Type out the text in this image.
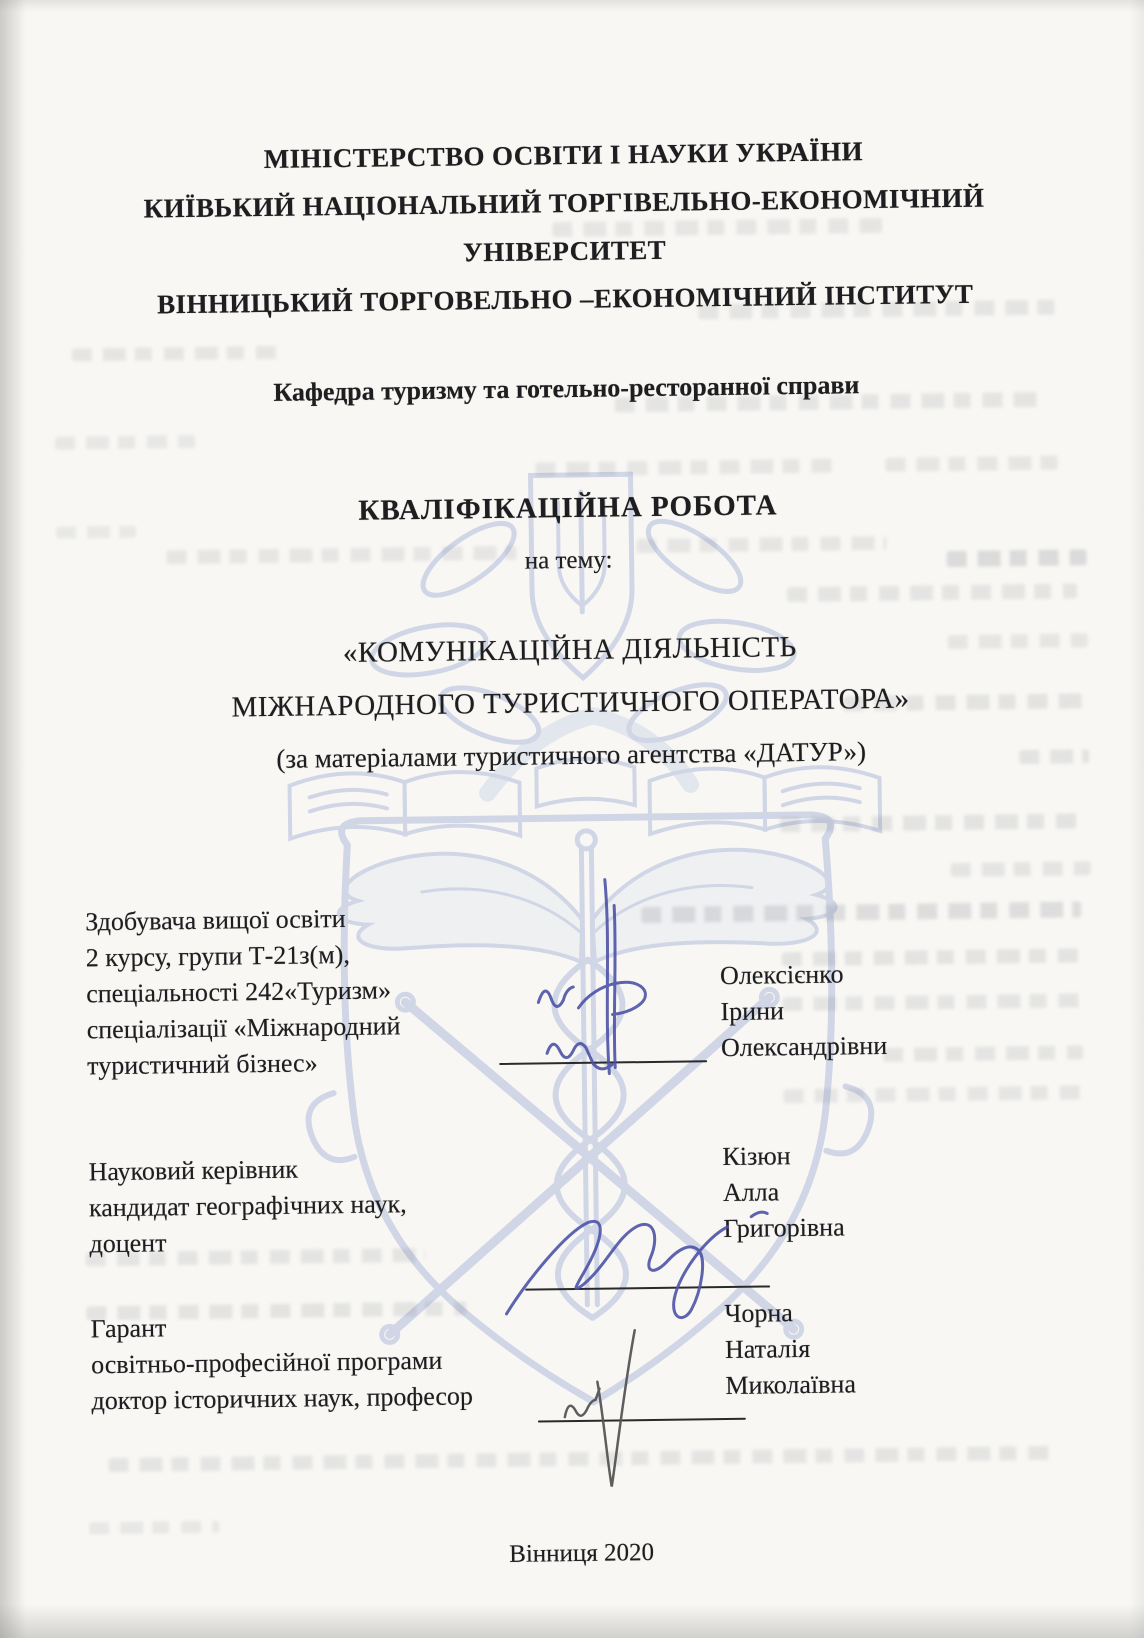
МІНІСТЕРСТВО ОСВІТИ І НАУКИ УКРАЇНИ
КИЇВЬКИЙ НАЦІОНАЛЬНИЙ ТОРГІВЕЛЬНО-ЕКОНОМІЧНИЙ
УНІВЕРСИТЕТ
ВІННИЦЬКИЙ ТОРГОВЕЛЬНО –ЕКОНОМІЧНИЙ ІНСТИТУТ
Кафедра туризму та готельно-ресторанної справи
КВАЛІФІКАЦІЙНА РОБОТА
на тему:
«КОМУНІКАЦІЙНА ДІЯЛЬНІСТЬ
МІЖНАРОДНОГО ТУРИСТИЧНОГО ОПЕРАТОРА»
(за матеріалами туристичного агентства «ДАТУР»)
Здобувача вищої освіти
2 курсу, групи Т-21з(м),
спеціальності 242«Туризм»
спеціалізації «Міжнародний
туристичний бізнес»
Олексієнко
Ірини
Олександрівни
Науковий керівник
кандидат географічних наук,
доцент
Кізюн
Алла
Григорівна
Гарант
освітньо-професійної програми
доктор історичних наук, професор
Чорна
Наталія
Миколаївна
Вінниця 2020
